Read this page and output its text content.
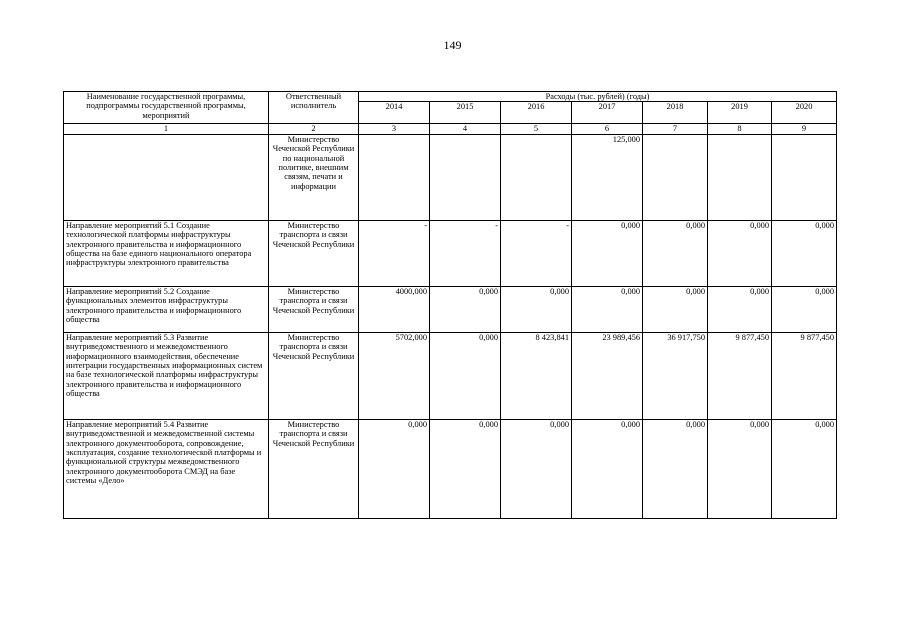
149
Наименование государственной программы, подпрограммы государственной программы, мероприятий	Ответственный исполнитель	Расходы (тыс. рублей) (годы)						
		2014	2015	2016	2017	2018	2019	2020
1	2	3	4	5	6	7	8	9
	Министерство Чеченской Республики по национальной политике, внешним связям, печати и информации				125,000			
Направление мероприятий 5.1 Создание технологической платформы инфраструктуры электронного правительства и информационного общества на базе единого национального оператора инфраструктуры электронного правительства	Министерство транспорта и связи Чеченской Республики	-	-	-	0,000	0,000	0,000	0,000
Направление мероприятий 5.2 Создание функциональных элементов инфраструктуры электронного правительства и информационного общества	Министерство транспорта и связи Чеченской Республики	4000,000	0,000	0,000	0,000	0,000	0,000	0,000
Направление мероприятий 5.3 Развитие внутриведомственного и межведомственного информационного взаимодействия, обеспечение интеграции государственных информационных систем на базе технологической платформы инфраструктуры электронного правительства и информационного общества	Министерство транспорта и связи Чеченской Республики	5702,000	0,000	8 423,841	23 989,456	36 917,750	9 877,450	9 877,450
Направление мероприятий 5.4 Развитие внутриведомственной и межведомственной системы электронного документооборота, сопровождение, эксплуатация, создание технологической платформы и функциональной структуры межведомственного электронного документооборота СМЭД на базе системы «Дело»	Министерство транспорта и связи Чеченской Республики	0,000	0,000	0,000	0,000	0,000	0,000	0,000
